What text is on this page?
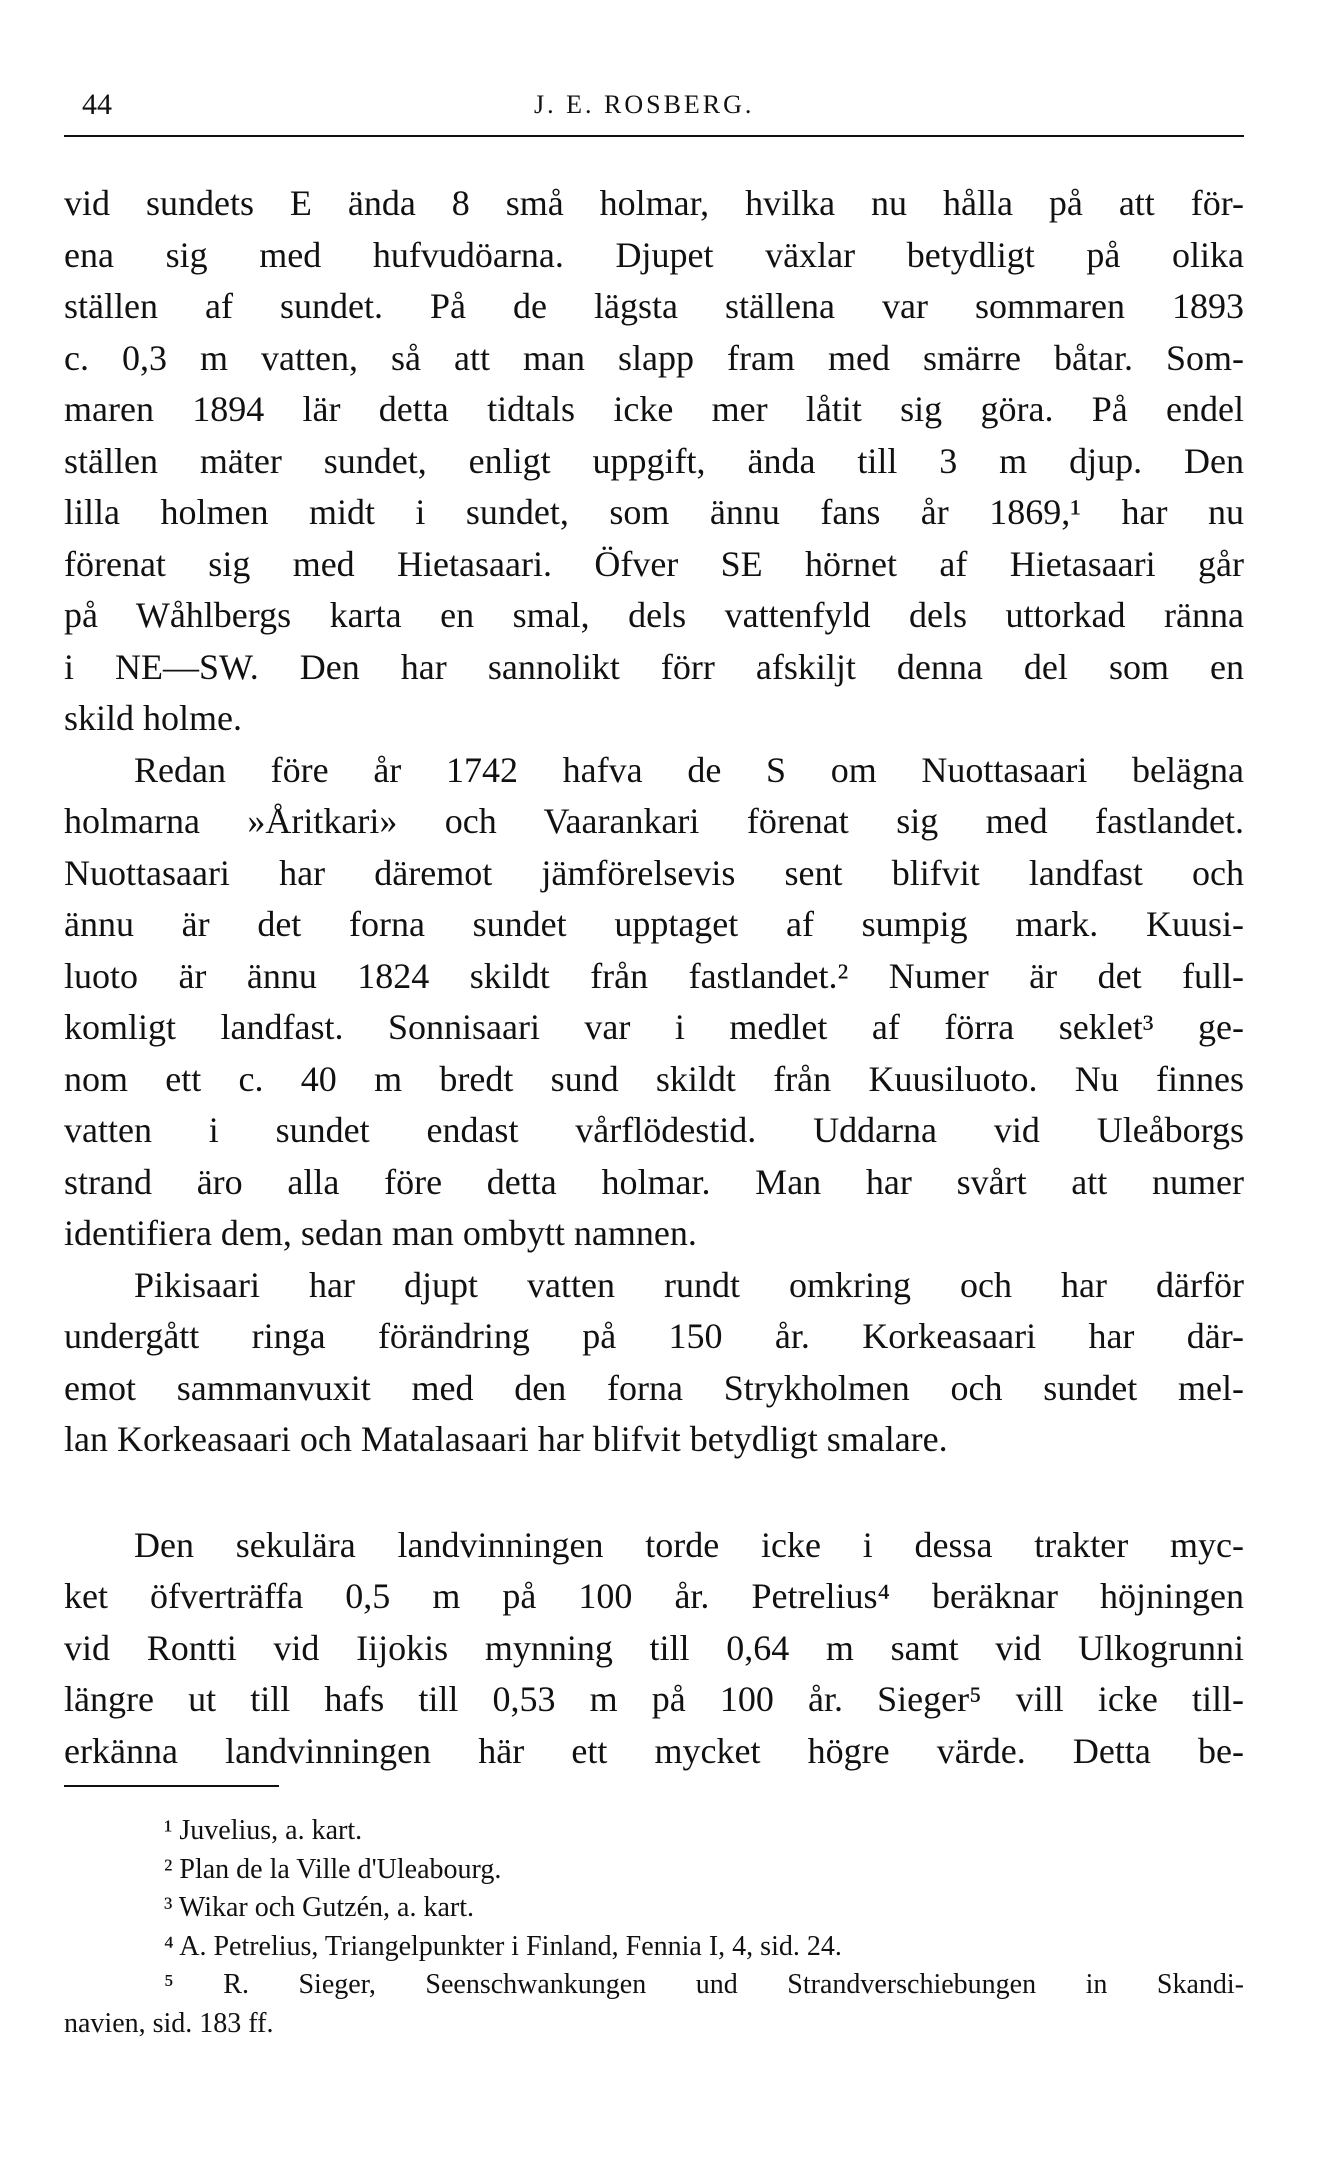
44	J. E. ROSBERG.
vid sundets E ända 8 små holmar, hvilka nu hålla på att för-
ena sig med hufvudöarna. Djupet växlar betydligt på olika
ställen af sundet. På de lägsta ställena var sommaren 1893
c. 0,3 m vatten, så att man slapp fram med smärre båtar. Som-
maren 1894 lär detta tidtals icke mer låtit sig göra. På endel
ställen mäter sundet, enligt uppgift, ända till 3 m djup. Den
lilla holmen midt i sundet, som ännu fans år 1869,¹ har nu
förenat sig med Hietasaari. Öfver SE hörnet af Hietasaari går
på Wåhlbergs karta en smal, dels vattenfyld dels uttorkad ränna
i NE—SW. Den har sannolikt förr afskiljt denna del som en
skild holme.
Redan före år 1742 hafva de S om Nuottasaari belägna
holmarna »Åritkari» och Vaarankari förenat sig med fastlandet.
Nuottasaari har däremot jämförelsevis sent blifvit landfast och
ännu är det forna sundet upptaget af sumpig mark. Kuusi-
luoto är ännu 1824 skildt från fastlandet.² Numer är det full-
komligt landfast. Sonnisaari var i medlet af förra seklet³ ge-
nom ett c. 40 m bredt sund skildt från Kuusiluoto. Nu finnes
vatten i sundet endast vårflödestid. Uddarna vid Uleåborgs
strand äro alla före detta holmar. Man har svårt att numer
identifiera dem, sedan man ombytt namnen.
Pikisaari har djupt vatten rundt omkring och har därför
undergått ringa förändring på 150 år. Korkeasaari har där-
emot sammanvuxit med den forna Strykholmen och sundet mel-
lan Korkeasaari och Matalasaari har blifvit betydligt smalare.
Den sekulära landvinningen torde icke i dessa trakter myc-
ket öfverträffa 0,5 m på 100 år. Petrelius⁴ beräknar höjningen
vid Rontti vid Iijokis mynning till 0,64 m samt vid Ulkogrunni
längre ut till hafs till 0,53 m på 100 år. Sieger⁵ vill icke till-
erkänna landvinningen här ett mycket högre värde. Detta be-
¹ Juvelius, a. kart.
² Plan de la Ville d'Uleabourg.
³ Wikar och Gutzén, a. kart.
⁴ A. Petrelius, Triangelpunkter i Finland, Fennia I, 4, sid. 24.
⁵ R. Sieger, Seenschwankungen und Strandverschiebungen in Skandi-
navien, sid. 183 ff.
